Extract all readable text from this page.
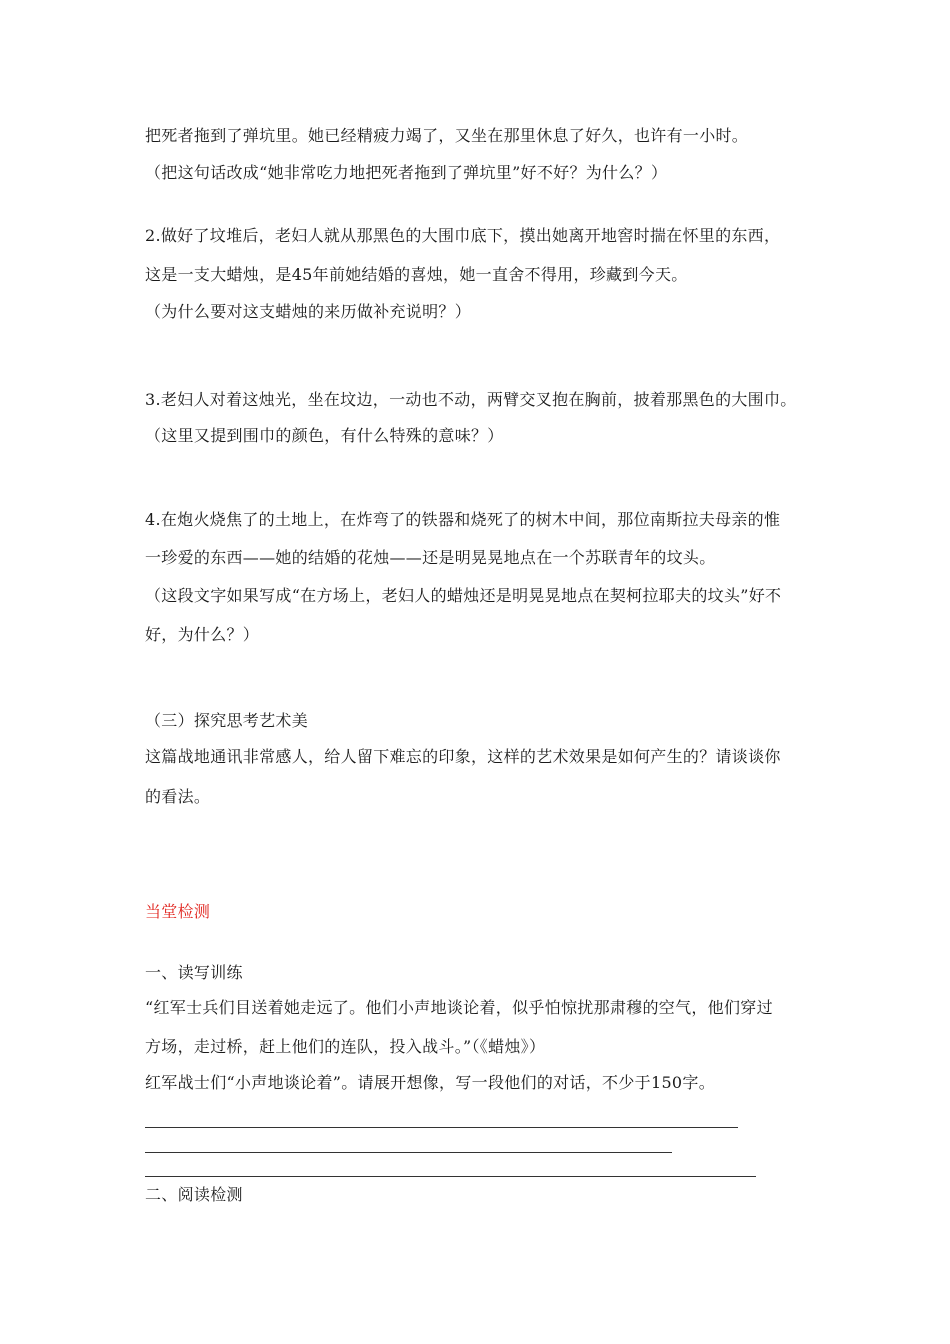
把死者拖到了弹坑里。她已经精疲力竭了，又坐在那里休息了好久，也许有一小时。
（把这句话改成“她非常吃力地把死者拖到了弹坑里”好不好？为什么？）
2.做好了坟堆后，老妇人就从那黑色的大围巾底下，摸出她离开地窖时揣在怀里的东西，
这是一支大蜡烛，是45年前她结婚的喜烛，她一直舍不得用，珍藏到今天。
（为什么要对这支蜡烛的来历做补充说明？）
3.老妇人对着这烛光，坐在坟边，一动也不动，两臂交叉抱在胸前，披着那黑色的大围巾。
（这里又提到围巾的颜色，有什么特殊的意味？）
4.在炮火烧焦了的土地上，在炸弯了的铁器和烧死了的树木中间，那位南斯拉夫母亲的惟
一珍爱的东西——她的结婚的花烛——还是明晃晃地点在一个苏联青年的坟头。
（这段文字如果写成“在方场上，老妇人的蜡烛还是明晃晃地点在契柯拉耶夫的坟头”好不
好，为什么？）
（三）探究思考艺术美
这篇战地通讯非常感人，给人留下难忘的印象，这样的艺术效果是如何产生的？请谈谈你
的看法。
当堂检测
一、读写训练
“红军士兵们目送着她走远了。他们小声地谈论着，似乎怕惊扰那肃穆的空气，他们穿过
方场，走过桥，赶上他们的连队，投入战斗。”（《蜡烛》）
红军战士们“小声地谈论着”。请展开想像，写一段他们的对话，不少于150字。
二、阅读检测
